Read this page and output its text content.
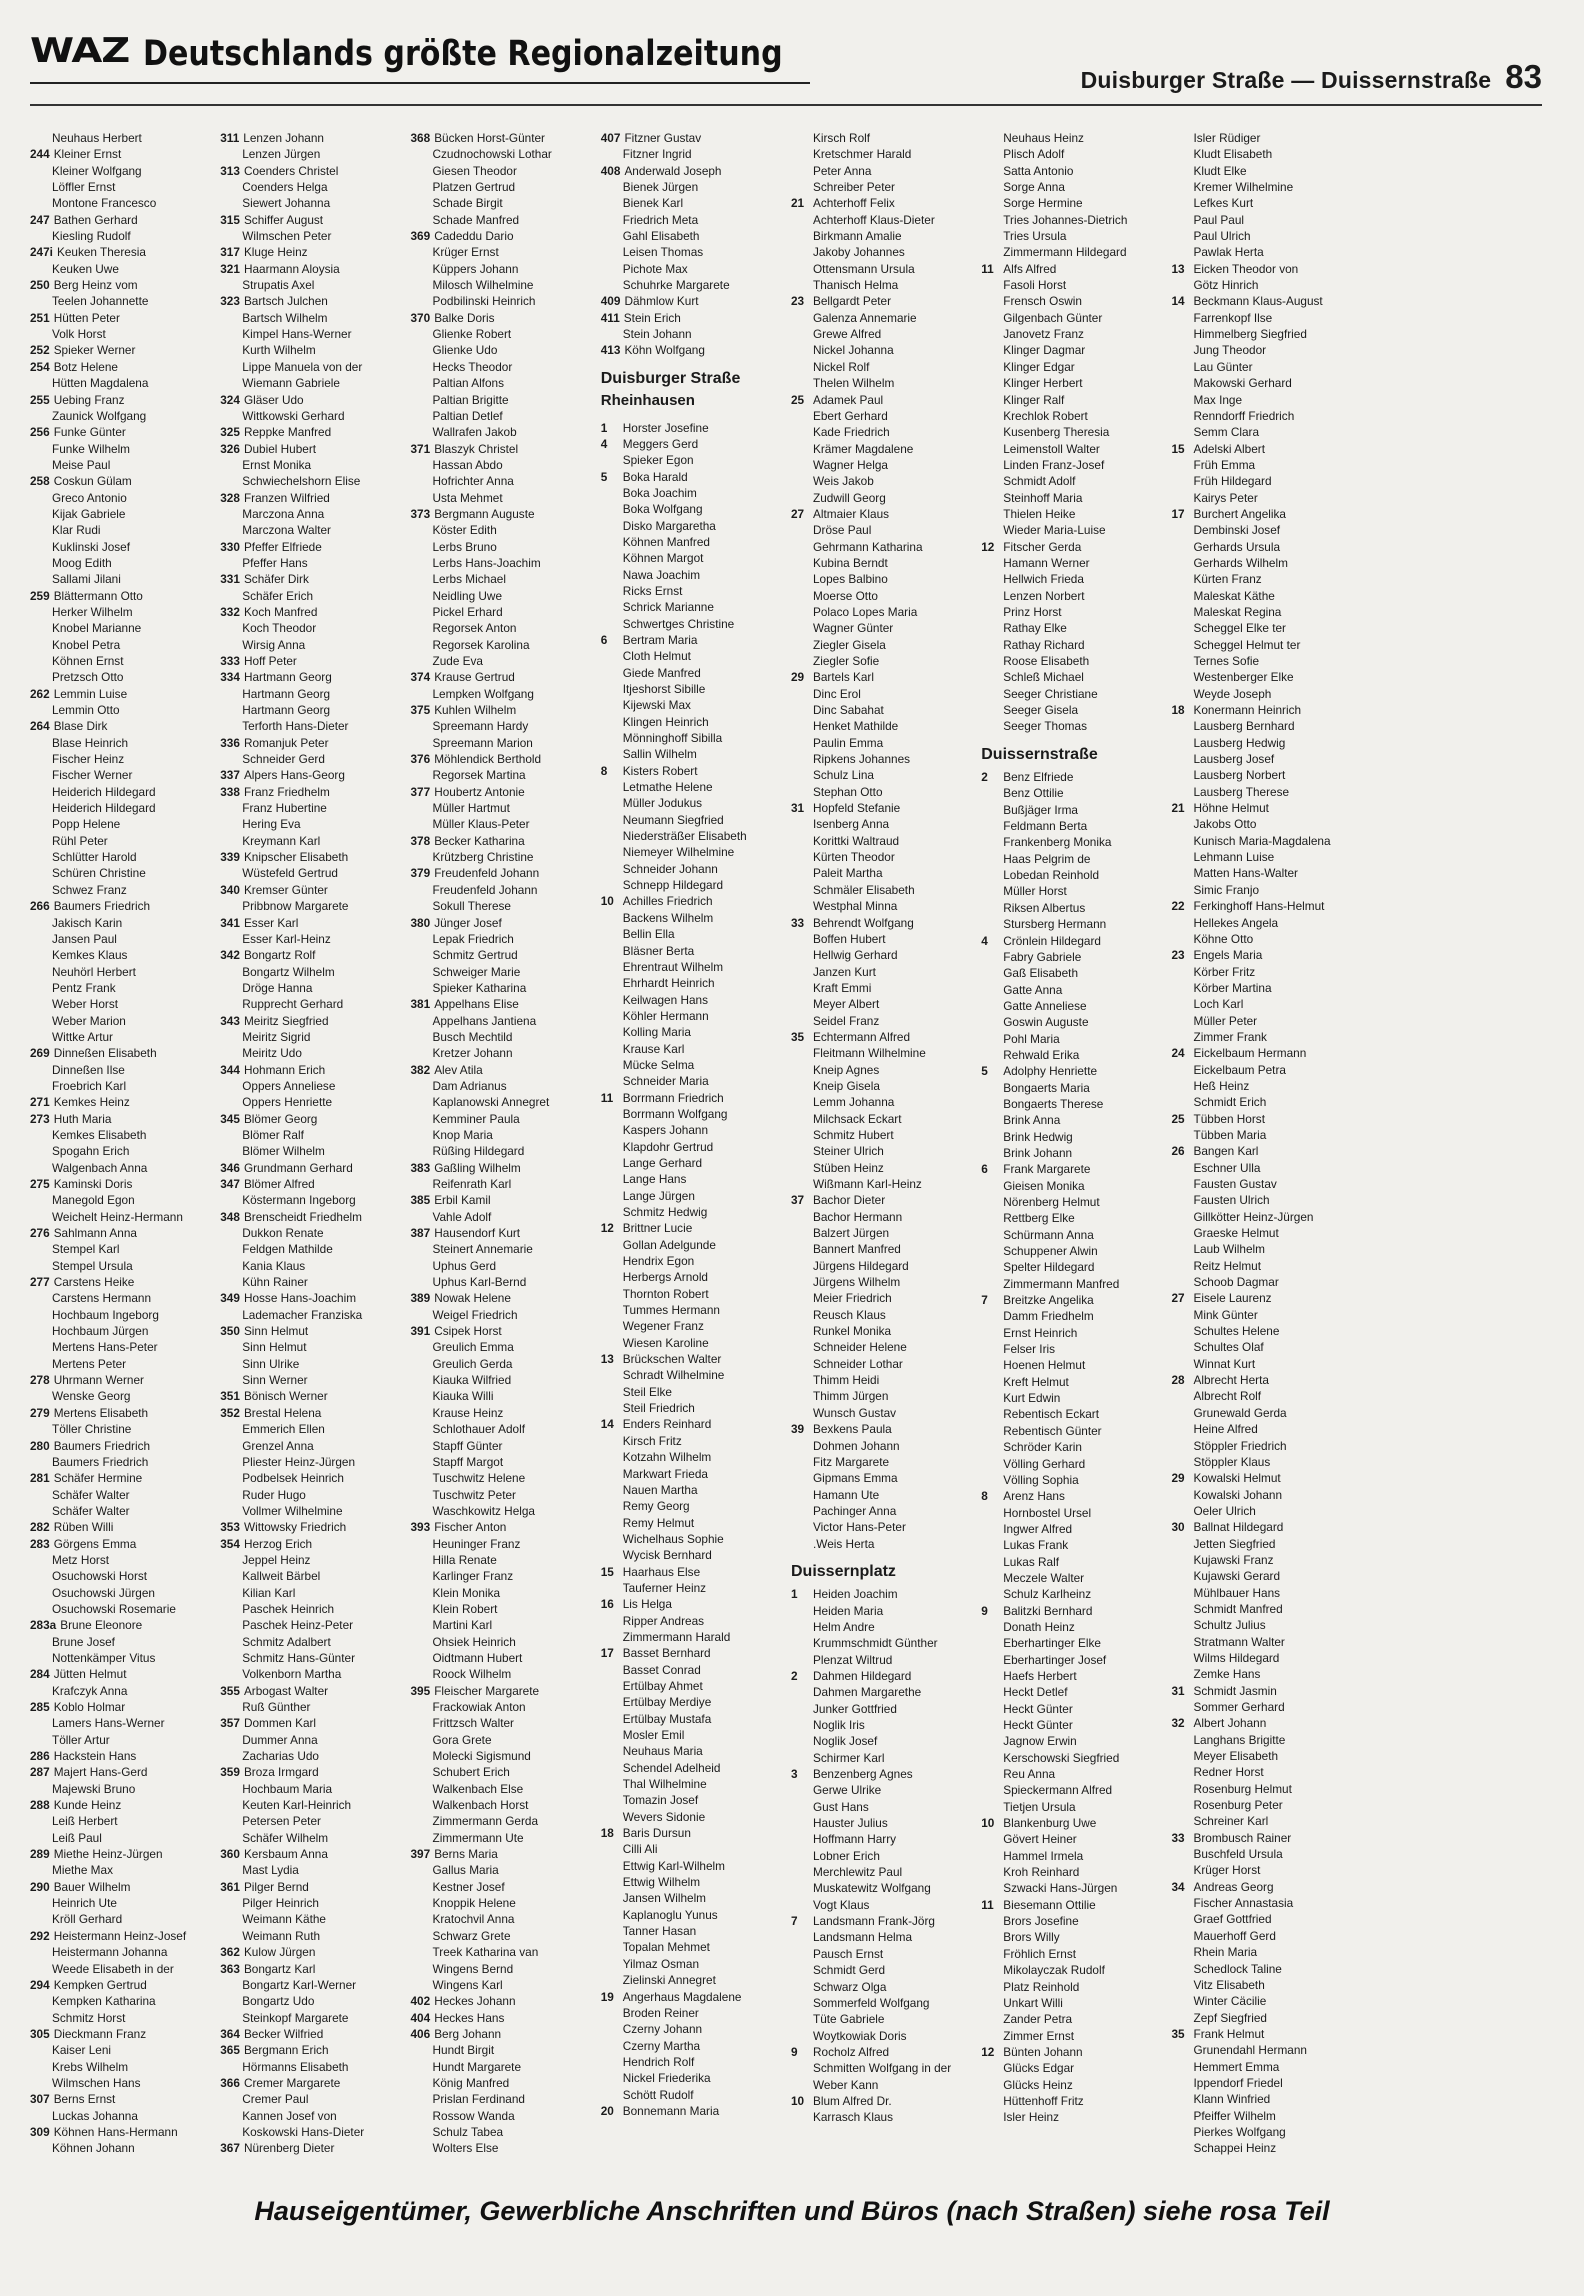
WAZ Deutschlands größte Regionalzeitung
Duisburger Straße — Duissernstraße 83
Neuhaus Herbert
244 Kleiner Ernst
Kleiner Wolfgang
Löffler Ernst
Montone Francesco
247 Bathen Gerhard
Kiesling Rudolf
247i Keuken Theresia
Keuken Uwe
250 Berg Heinz vom
Teelen Johannette
251 Hütten Peter
Volk Horst
252 Spieker Werner
254 Botz Helene
Hütten Magdalena
255 Uebing Franz
Zaunick Wolfgang
256 Funke Günter
Funke Wilhelm
Meise Paul
258 Coskun Gülam
Greco Antonio
Kijak Gabriele
Klar Rudi
Kuklinski Josef
Moog Edith
Sallami Jilani
259 Blättermann Otto
Herker Wilhelm
Knobel Marianne
Knobel Petra
Köhnen Ernst
Pretzsch Otto
262 Lemmin Luise
Lemmin Otto
264 Blase Dirk
Blase Heinrich
Fischer Heinz
Fischer Werner
Heiderich Hildegard
Heiderich Hildegard
Popp Helene
Rühl Peter
Schlütter Harold
Schüren Christine
Schwez Franz
266 Baumers Friedrich
Jakisch Karin
Jansen Paul
Kemkes Klaus
Neuhörl Herbert
Pentz Frank
Weber Horst
Weber Marion
Wittke Artur
269 Dinneßen Elisabeth
Dinneßen Ilse
Froebrich Karl
271 Kemkes Heinz
273 Huth Maria
Kemkes Elisabeth
Spogahn Erich
Walgenbach Anna
275 Kaminski Doris
Manegold Egon
Weichelt Heinz-Hermann
276 Sahlmann Anna
Stempel Karl
Stempel Ursula
277 Carstens Heike
Carstens Hermann
Hochbaum Ingeborg
Hochbaum Jürgen
Mertens Hans-Peter
Mertens Peter
278 Uhrmann Werner
Wenske Georg
279 Mertens Elisabeth
Töller Christine
280 Baumers Friedrich
Baumers Friedrich
281 Schäfer Hermine
Schäfer Walter
Schäfer Walter
282 Rüben Willi
283 Görgens Emma
Metz Horst
Osuchowski Horst
Osuchowski Jürgen
Osuchowski Rosemarie
283a Brune Eleonore
Brune Josef
Nottenkämper Vitus
284 Jütten Helmut
Krafczyk Anna
285 Koblo Holmar
Lamers Hans-Werner
Töller Artur
286 Hackstein Hans
287 Majert Hans-Gerd
Majewski Bruno
288 Kunde Heinz
Leiß Herbert
Leiß Paul
289 Miethe Heinz-Jürgen
Miethe Max
290 Bauer Wilhelm
Heinrich Ute
Kröll Gerhard
292 Heistermann Heinz-Josef
Heistermann Johanna
Weede Elisabeth in der
294 Kempken Gertrud
Kempken Katharina
Schmitz Horst
305 Dieckmann Franz
Kaiser Leni
Krebs Wilhelm
Wilmschen Hans
307 Berns Ernst
Luckas Johanna
309 Köhnen Hans-Hermann
Köhnen Johann
311 Lenzen Johann
Lenzen Jürgen
313 Coenders Christel
Coenders Helga
Siewert Johanna
315 Schiffer August
Wilmschen Peter
317 Kluge Heinz
321 Haarmann Aloysia
Strupatis Axel
323 Bartsch Julchen
Bartsch Wilhelm
Kimpel Hans-Werner
Kurth Wilhelm
Lippe Manuela von der
Wiemann Gabriele
324 Gläser Udo
Wittkowski Gerhard
325 Reppke Manfred
326 Dubiel Hubert
Ernst Monika
Schwiechelshorn Elise
328 Franzen Wilfried
Marczona Anna
Marczona Walter
330 Pfeffer Elfriede
Pfeffer Hans
331 Schäfer Dirk
Schäfer Erich
332 Koch Manfred
Koch Theodor
Wirsig Anna
333 Hoff Peter
334 Hartmann Georg
Hartmann Georg
Hartmann Georg
Terforth Hans-Dieter
336 Romanjuk Peter
Schneider Gerd
337 Alpers Hans-Georg
338 Franz Friedhelm
Franz Hubertine
Hering Eva
Kreymann Karl
339 Knipscher Elisabeth
Wüstefeld Gertrud
340 Kremser Günter
Pribbnow Margarete
341 Esser Karl
Esser Karl-Heinz
342 Bongartz Rolf
Bongartz Wilhelm
Dröge Hanna
Rupprecht Gerhard
343 Meiritz Siegfried
Meiritz Sigrid
Meiritz Udo
344 Hohmann Erich
Oppers Anneliese
Oppers Henriette
345 Blömer Georg
Blömer Ralf
Blömer Wilhelm
346 Grundmann Gerhard
347 Blömer Alfred
Köstermann Ingeborg
348 Brenscheidt Friedhelm
Dukkon Renate
Feldgen Mathilde
Kania Klaus
Kühn Rainer
349 Hosse Hans-Joachim
Lademacher Franziska
350 Sinn Helmut
Sinn Helmut
Sinn Ulrike
Sinn Werner
351 Bönisch Werner
352 Brestal Helena
Emmerich Ellen
Grenzel Anna
Pliester Heinz-Jürgen
Podbelsek Heinrich
Ruder Hugo
Vollmer Wilhelmine
353 Wittowsky Friedrich
354 Herzog Erich
Jeppel Heinz
Kallweit Bärbel
Kilian Karl
Paschek Heinrich
Paschek Heinz-Peter
Schmitz Adalbert
Schmitz Hans-Günter
Volkenborn Martha
355 Arbogast Walter
Ruß Günther
357 Dommen Karl
Dummer Anna
Zacharias Udo
359 Broza Irmgard
Hochbaum Maria
Keuten Karl-Heinrich
Petersen Peter
Schäfer Wilhelm
360 Kersbaum Anna
Mast Lydia
361 Pilger Bernd
Pilger Heinrich
Weimann Käthe
Weimann Ruth
362 Kulow Jürgen
363 Bongartz Karl
Bongartz Karl-Werner
Bongartz Udo
Steinkopf Margarete
364 Becker Wilfried
365 Bergmann Erich
Hörmanns Elisabeth
366 Cremer Margarete
Cremer Paul
Kannen Josef von
Koskowski Hans-Dieter
367 Nürenberg Dieter
368 Bücken Horst-Günter
Czudnochowski Lothar
Giesen Theodor
Platzen Gertrud
Schade Birgit
Schade Manfred
369 Cadeddu Dario
Krüger Ernst
Küppers Johann
Milosch Wilhelmine
Podbilinski Heinrich
370 Balke Doris
Glienke Robert
Glienke Udo
Hecks Theodor
Paltian Alfons
Paltian Brigitte
Paltian Detlef
Wallrafen Jakob
371 Blaszyk Christel
Hassan Abdo
Hofrichter Anna
Usta Mehmet
373 Bergmann Auguste
Köster Edith
Lerbs Bruno
Lerbs Hans-Joachim
Lerbs Michael
Neidling Uwe
Pickel Erhard
Regorsek Anton
Regorsek Karolina
Zude Eva
374 Krause Gertrud
Lempken Wolfgang
375 Kuhlen Wilhelm
Spreemann Hardy
Spreemann Marion
376 Möhlendick Berthold
Regorsek Martina
377 Houbertz Antonie
Müller Hartmut
Müller Klaus-Peter
378 Becker Katharina
Krützberg Christine
379 Freudenfeld Johann
Freudenfeld Johann
Sokull Therese
380 Jünger Josef
Lepak Friedrich
Schmitz Gertrud
Schweiger Marie
Spieker Katharina
381 Appelhans Elise
Appelhans Jantiena
Busch Mechtild
Kretzer Johann
382 Alev Atila
Dam Adrianus
Kaplanowski Annegret
Kemminer Paula
Knop Maria
Rüßing Hildegard
383 Gaßling Wilhelm
Reifenrath Karl
385 Erbil Kamil
Vahle Adolf
387 Hausendorf Kurt
Steinert Annemarie
Uphus Gerd
Uphus Karl-Bernd
389 Nowak Helene
Weigel Friedrich
391 Csipek Horst
Greulich Emma
Greulich Gerda
Kiauka Wilfried
Kiauka Willi
Krause Heinz
Schlothauer Adolf
Stapff Günter
Stapff Margot
Tuschwitz Helene
Tuschwitz Peter
Waschkowitz Helga
393 Fischer Anton
Heuninger Franz
Hilla Renate
Karlinger Franz
Klein Monika
Klein Robert
Martini Karl
Ohsiek Heinrich
Oidtmann Hubert
Roock Wilhelm
395 Fleischer Margarete
Frackowiak Anton
Frittzsch Walter
Gora Grete
Molecki Sigismund
Schubert Erich
Walkenbach Else
Walkenbach Horst
Zimmermann Gerda
Zimmermann Ute
397 Berns Maria
Gallus Maria
Kestner Josef
Knoppik Helene
Kratochvil Anna
Schwarz Grete
Treek Katharina van
Wingens Bernd
Wingens Karl
402 Heckes Johann
404 Heckes Hans
406 Berg Johann
Hundt Birgit
Hundt Margarete
König Manfred
Prislan Ferdinand
Rossow Wanda
Schulz Tabea
Wolters Else
407 Fitzner Gustav
Fitzner Ingrid
408 Anderwald Joseph
Bienek Jürgen
Bienek Karl
Friedrich Meta
Gahl Elisabeth
Leisen Thomas
Pichote Max
Schuhrke Margarete
409 Dähmlow Kurt
411 Stein Erich
Stein Johann
413 Köhn Wolfgang
Duisburger Straße
Rheinhausen
1 Horster Josefine
4 Meggers Gerd
Spieker Egon
5 Boka Harald
Boka Joachim
Boka Wolfgang
Disko Margaretha
Köhnen Manfred
Köhnen Margot
Nawa Joachim
Ricks Ernst
Schrick Marianne
Schwertges Christine
6 Bertram Maria
Cloth Helmut
Giede Manfred
Itjeshorst Sibille
Kijewski Max
Klingen Heinrich
Mönninghoff Sibilla
Sallin Wilhelm
8 Kisters Robert
Letmathe Helene
Müller Jodukus
Neumann Siegfried
Niedersträßer Elisabeth
Niemeyer Wilhelmine
Schneider Johann
Schnepp Hildegard
10 Achilles Friedrich
Backens Wilhelm
Bellin Ella
Bläsner Berta
Ehrentraut Wilhelm
Ehrhardt Heinrich
Keilwagen Hans
Köhler Hermann
Kolling Maria
Krause Karl
Mücke Selma
Schneider Maria
11 Borrmann Friedrich
Borrmann Wolfgang
Kaspers Johann
Klapdohr Gertrud
Lange Gerhard
Lange Hans
Lange Jürgen
Schmitz Hedwig
12 Brittner Lucie
Gollan Adelgunde
Hendrix Egon
Herbergs Arnold
Thornton Robert
Tummes Hermann
Wegener Franz
Wiesen Karoline
13 Brückschen Walter
Schradt Wilhelmine
Steil Elke
Steil Friedrich
14 Enders Reinhard
Kirsch Fritz
Kotzahn Wilhelm
Markwart Frieda
Nauen Martha
Remy Georg
Remy Helmut
Wichelhaus Sophie
Wycisk Bernhard
15 Haarhaus Else
Tauferner Heinz
16 Lis Helga
Ripper Andreas
Zimmermann Harald
17 Basset Bernhard
Basset Conrad
Ertülbay Ahmet
Ertülbay Merdiye
Ertülbay Mustafa
Mosler Emil
Neuhaus Maria
Schendel Adelheid
Thal Wilhelmine
Tomazin Josef
Wevers Sidonie
18 Baris Dursun
Cilli Ali
Ettwig Karl-Wilhelm
Ettwig Wilhelm
Jansen Wilhelm
Kaplanoglu Yunus
Tanner Hasan
Topalan Mehmet
Yilmaz Osman
Zielinski Annegret
19 Angerhaus Magdalene
Broden Reiner
Czerny Johann
Czerny Martha
Hendrich Rolf
Nickel Friederika
Schött Rudolf
20 Bonnemann Maria
Kirsch Rolf
Kretschmer Harald
Peter Anna
Schreiber Peter
21 Achterhoff Felix
Achterhoff Klaus-Dieter
Birkmann Amalie
Jakoby Johannes
Ottensmann Ursula
Thanisch Helma
23 Bellgardt Peter
Galenza Annemarie
Grewe Alfred
Nickel Johanna
Nickel Rolf
Thelen Wilhelm
25 Adamek Paul
Ebert Gerhard
Kade Friedrich
Krämer Magdalene
Wagner Helga
Weis Jakob
Zudwill Georg
27 Altmaier Klaus
Dröse Paul
Gehrmann Katharina
Kubina Berndt
Lopes Balbino
Moerse Otto
Polaco Lopes Maria
Wagner Günter
Ziegler Gisela
Ziegler Sofie
29 Bartels Karl
Dinc Erol
Dinc Sabahat
Henket Mathilde
Paulin Emma
Ripkens Johannes
Schulz Lina
Stephan Otto
31 Hopfeld Stefanie
Isenberg Anna
Korittki Waltraud
Kürten Theodor
Paleit Martha
Schmäler Elisabeth
Westphal Minna
33 Behrendt Wolfgang
Boffen Hubert
Hellwig Gerhard
Janzen Kurt
Kraft Emmi
Meyer Albert
Seidel Franz
35 Echtermann Alfred
Fleitmann Wilhelmine
Kneip Agnes
Kneip Gisela
Lemm Johanna
Milchsack Eckart
Schmitz Hubert
Steiner Ulrich
Stüben Heinz
Wißmann Karl-Heinz
37 Bachor Dieter
Bachor Hermann
Balzert Jürgen
Bannert Manfred
Jürgens Hildegard
Jürgens Wilhelm
Meier Friedrich
Reusch Klaus
Runkel Monika
Schneider Helene
Schneider Lothar
Thimm Heidi
Thimm Jürgen
Wunsch Gustav
39 Bexkens Paula
Dohmen Johann
Fitz Margarete
Gipmans Emma
Hamann Ute
Pachinger Anna
Victor Hans-Peter
.Weis Herta
Duissernplatz
1 Heiden Joachim
Heiden Maria
Helm Andre
Krummschmidt Günther
Plenzat Wiltrud
2 Dahmen Hildegard
Dahmen Margarethe
Junker Gottfried
Noglik Iris
Noglik Josef
Schirmer Karl
3 Benzenberg Agnes
Gerwe Ulrike
Gust Hans
Hauster Julius
Hoffmann Harry
Lobner Erich
Merchlewitz Paul
Muskatewitz Wolfgang
Vogt Klaus
7 Landsmann Frank-Jörg
Landsmann Helma
Pausch Ernst
Schmidt Gerd
Schwarz Olga
Sommerfeld Wolfgang
Tüte Gabriele
Woytkowiak Doris
9 Rocholz Alfred
Schmitten Wolfgang in der
Weber Kann
10 Blum Alfred Dr.
Karrasch Klaus
Neuhaus Heinz
Plisch Adolf
Satta Antonio
Sorge Anna
Sorge Hermine
Tries Johannes-Dietrich
Tries Ursula
Zimmermann Hildegard
11 Alfs Alfred
Fasoli Horst
Frensch Oswin
Gilgenbach Günter
Janovetz Franz
Klinger Dagmar
Klinger Edgar
Klinger Herbert
Klinger Ralf
Krechlok Robert
Kusenberg Theresia
Leimenstoll Walter
Linden Franz-Josef
Schmidt Adolf
Steinhoff Maria
Thielen Heike
Wieder Maria-Luise
12 Fitscher Gerda
Hamann Werner
Hellwich Frieda
Lenzen Norbert
Prinz Horst
Rathay Elke
Rathay Richard
Roose Elisabeth
Schleß Michael
Seeger Christiane
Seeger Gisela
Seeger Thomas
Duissernstraße
2 Benz Elfriede
Benz Ottilie
Bußjäger Irma
Feldmann Berta
Frankenberg Monika
Haas Pelgrim de
Lobedan Reinhold
Müller Horst
Riksen Albertus
Stursberg Hermann
4 Crönlein Hildegard
Fabry Gabriele
Gaß Elisabeth
Gatte Anna
Gatte Anneliese
Goswin Auguste
Pohl Maria
Rehwald Erika
5 Adolphy Henriette
Bongaerts Maria
Bongaerts Therese
Brink Anna
Brink Hedwig
Brink Johann
6 Frank Margarete
Gieisen Monika
Nörenberg Helmut
Rettberg Elke
Schürmann Anna
Schuppener Alwin
Spelter Hildegard
Zimmermann Manfred
7 Breitzke Angelika
Damm Friedhelm
Ernst Heinrich
Felser Iris
Hoenen Helmut
Kreft Helmut
Kurt Edwin
Rebentisch Eckart
Rebentisch Günter
Schröder Karin
Völling Gerhard
Völling Sophia
8 Arenz Hans
Hornbostel Ursel
Ingwer Alfred
Lukas Frank
Lukas Ralf
Meczele Walter
Schulz Karlheinz
9 Balitzki Bernhard
Donath Heinz
Eberhartinger Elke
Eberhartinger Josef
Haefs Herbert
Heckt Detlef
Heckt Günter
Heckt Günter
Jagnow Erwin
Kerschowski Siegfried
Reu Anna
Spieckermann Alfred
Tietjen Ursula
10 Blankenburg Uwe
Gövert Heiner
Hammel Irmela
Kroh Reinhard
Szwacki Hans-Jürgen
11 Biesemann Ottilie
Brors Josefine
Brors Willy
Fröhlich Ernst
Mikolayczak Rudolf
Platz Reinhold
Unkart Willi
Zander Petra
Zimmer Ernst
12 Bünten Johann
Glücks Edgar
Glücks Heinz
Hüttenhoff Fritz
Isler Heinz
Isler Rüdiger
Kludt Elisabeth
Kludt Elke
Kremer Wilhelmine
Lefkes Kurt
Paul Paul
Paul Ulrich
Pawlak Herta
13 Eicken Theodor von
Götz Hinrich
14 Beckmann Klaus-August
Farrenkopf Ilse
Himmelberg Siegfried
Jung Theodor
Lau Günter
Makowski Gerhard
Max Inge
Renndorff Friedrich
Semm Clara
15 Adelski Albert
Früh Emma
Früh Hildegard
Kairys Peter
17 Burchert Angelika
Dembinski Josef
Gerhards Ursula
Gerhards Wilhelm
Kürten Franz
Maleskat Käthe
Maleskat Regina
Scheggel Elke ter
Scheggel Helmut ter
Ternes Sofie
Westenberger Elke
Weyde Joseph
18 Konermann Heinrich
Lausberg Bernhard
Lausberg Hedwig
Lausberg Josef
Lausberg Norbert
Lausberg Therese
21 Höhne Helmut
Jakobs Otto
Kunisch Maria-Magdalena
Lehmann Luise
Matten Hans-Walter
Simic Franjo
22 Ferkinghoff Hans-Helmut
Hellekes Angela
Köhne Otto
23 Engels Maria
Körber Fritz
Körber Martina
Loch Karl
Müller Peter
Zimmer Frank
24 Eickelbaum Hermann
Eickelbaum Petra
Heß Heinz
Schmidt Erich
25 Tübben Horst
Tübben Maria
26 Bangen Karl
Eschner Ulla
Fausten Gustav
Fausten Ulrich
Gillkötter Heinz-Jürgen
Graeske Helmut
Laub Wilhelm
Reitz Helmut
Schoob Dagmar
27 Eisele Laurenz
Mink Günter
Schultes Helene
Schultes Olaf
Winnat Kurt
28 Albrecht Herta
Albrecht Rolf
Grunewald Gerda
Heine Alfred
Stöppler Friedrich
Stöppler Klaus
29 Kowalski Helmut
Kowalski Johann
Oeler Ulrich
30 Ballnat Hildegard
Jetten Siegfried
Kujawski Franz
Kujawski Gerard
Mühlbauer Hans
Schmidt Manfred
Schultz Julius
Stratmann Walter
Wilms Hildegard
Zemke Hans
31 Schmidt Jasmin
Sommer Gerhard
32 Albert Johann
Langhans Brigitte
Meyer Elisabeth
Redner Horst
Rosenburg Helmut
Rosenburg Peter
Schreiner Karl
33 Brombusch Rainer
Buschfeld Ursula
Krüger Horst
34 Andreas Georg
Fischer Annastasia
Graef Gottfried
Mauerhoff Gerd
Rhein Maria
Schedlock Taline
Vitz Elisabeth
Winter Cäcilie
Zepf Siegfried
35 Frank Helmut
Grunendahl Hermann
Hemmert Emma
Ippendorf Friedel
Klann Winfried
Pfeiffer Wilhelm
Pierkes Wolfgang
Schappei Heinz
Hauseigentümer, Gewerbliche Anschriften und Büros (nach Straßen) siehe rosa Teil
